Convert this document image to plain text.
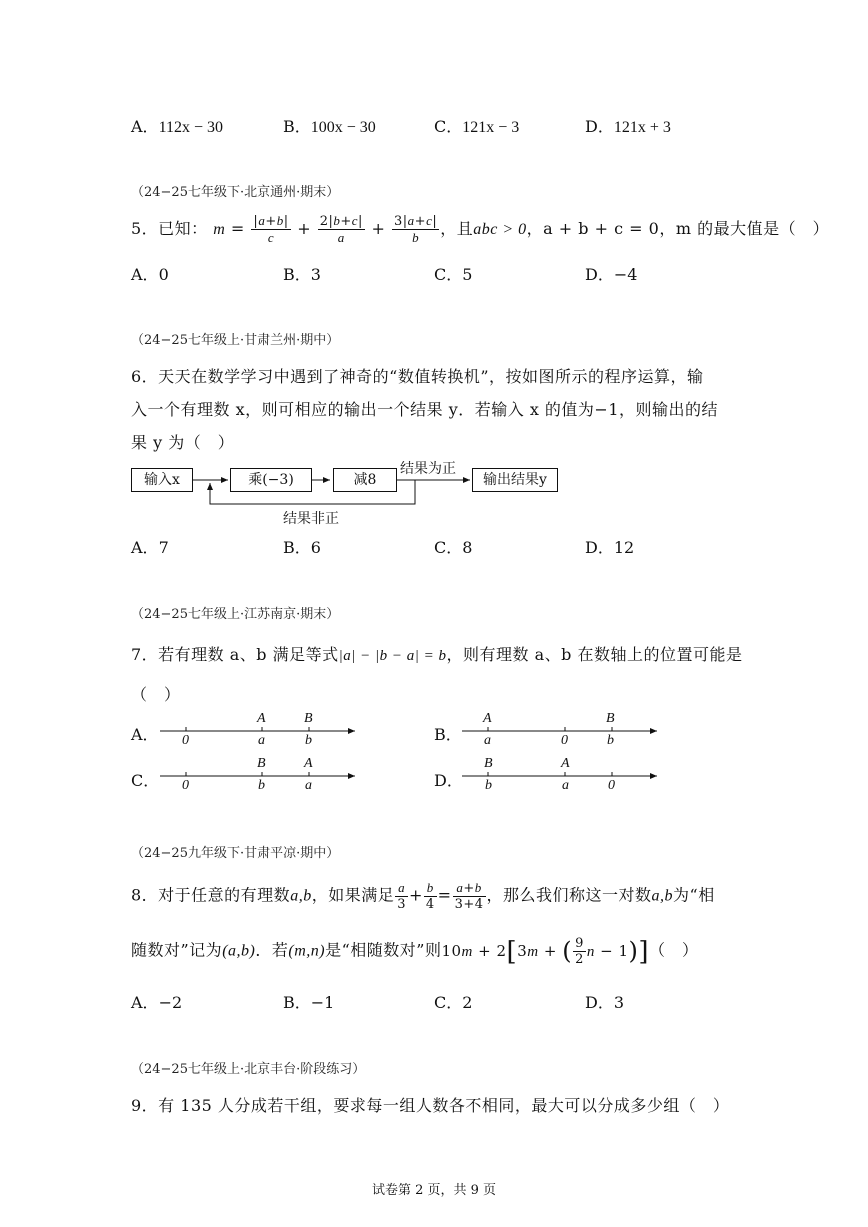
A．112x − 30	B．100x − 30	C．121x − 3	D．121x + 3
（24−25七年级下·北京通州·期末）
5．已知： $m = \frac{|a+b|}{c} + \frac{2|b+c|}{a} + \frac{3|a+c|}{b}$ ，且abc > 0，a + b + c = 0，m 的最大值是（　）
A．0	B．3	C．5	D．−4
（24−25七年级上·甘肃兰州·期中）
6．天天在数学学习中遇到了神奇的“数值转换机”，按如图所示的程序运算，输
入一个有理数 x，则可相应的输出一个结果 y．若输入 x 的值为−1，则输出的结
果 y 为（　）
输入x	乘(−3)	减8	输出结果y
结果为正
结果非正
A．7	B．6	C．8	D．12
（24−25七年级上·江苏南京·期末）
7．若有理数 a、b 满足等式|a| − |b − a| = b，则有理数 a、b 在数轴上的位置可能是
（　）
A．	B．
C．	D．
0
A
a
B
b
A
a	0
B
b
0
B
b
A
a
B
b
A
a	0
（24−25九年级下·甘肃平凉·期中）
8．对于任意的有理数a,b，如果满足 $\frac{a}{3} + \frac{b}{4} = \frac{a+b}{3+4}$ ，那么我们称这一对数a,b为“相
随数对”记为(a,b)．若(m,n)是“相随数对”则10m + 2[3m + ( $\frac{9}{2}$ n − 1)]（　）
A．−2	B．−1	C．2	D．3
（24−25七年级上·北京丰台·阶段练习）
9．有 135 人分成若干组，要求每一组人数各不相同，最大可以分成多少组（　）
试卷第 2 页，共 9 页
